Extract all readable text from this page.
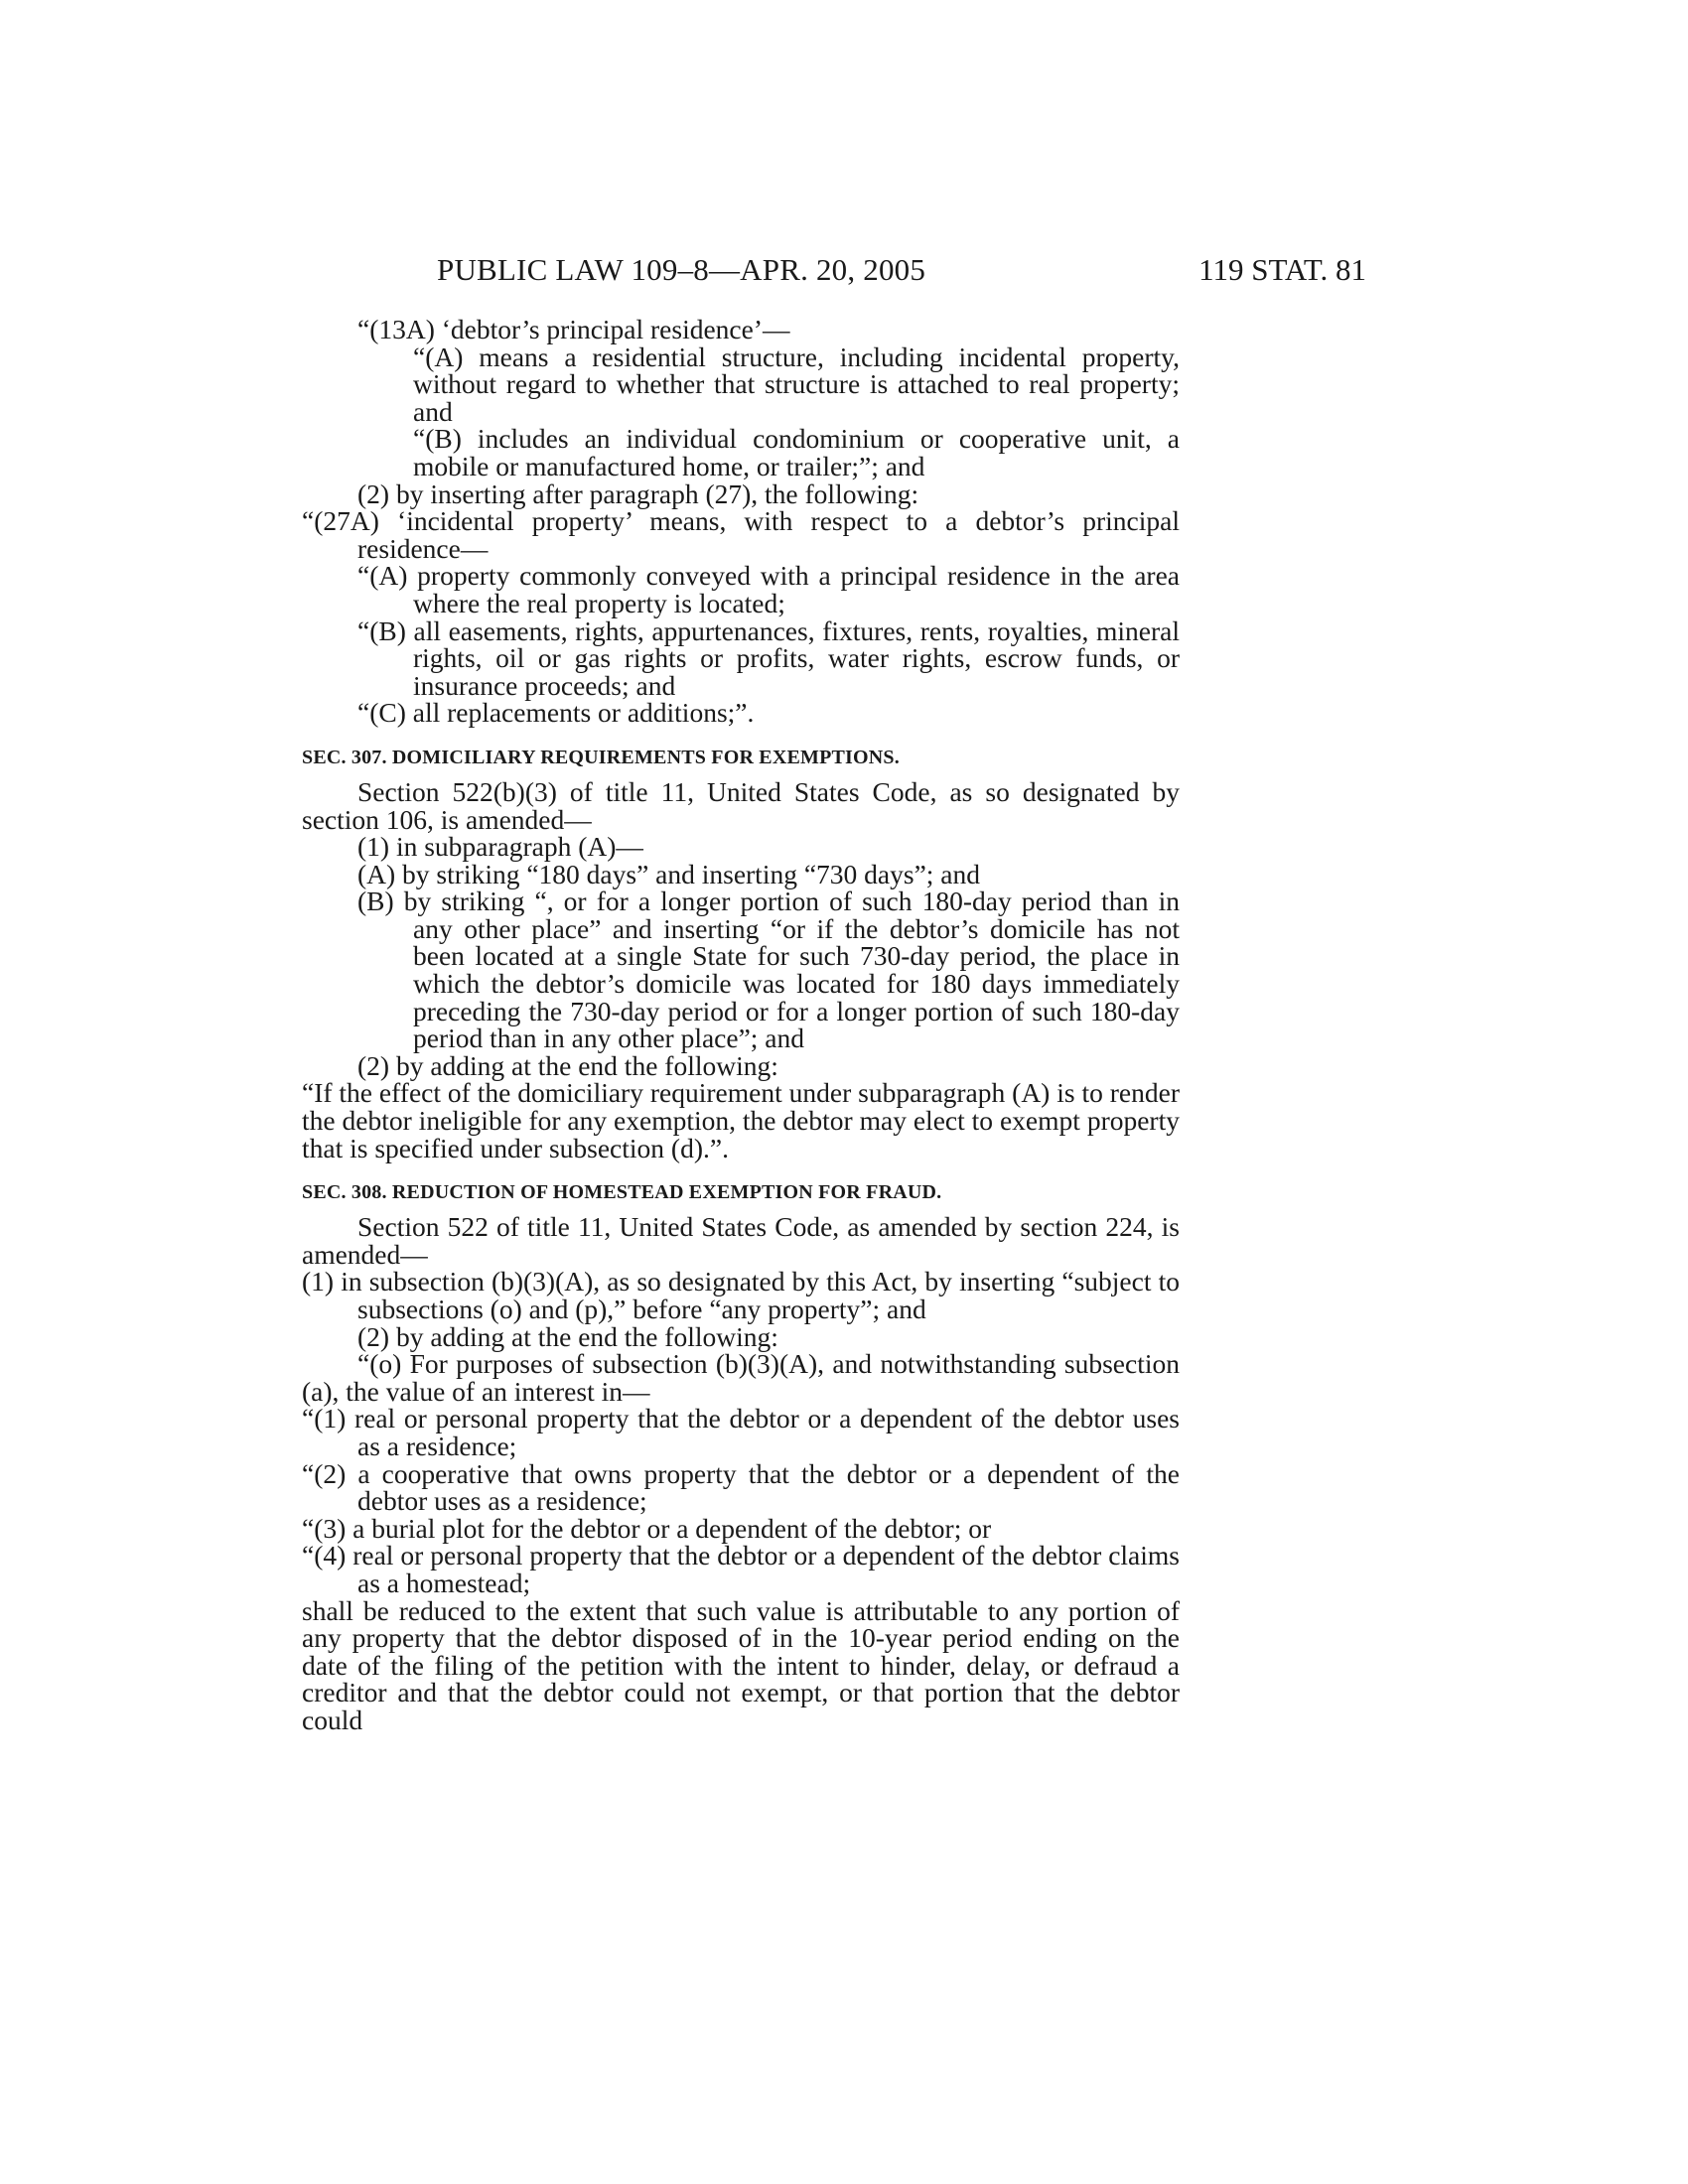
PUBLIC LAW 109–8—APR. 20, 2005	119 STAT. 81

“(13A) ‘debtor’s principal residence’—

“(A) means a residential structure, including incidental property, without regard to whether that structure is attached to real property; and

“(B) includes an individual condominium or cooperative unit, a mobile or manufactured home, or trailer;”; and

(2) by inserting after paragraph (27), the following:

“(27A) ‘incidental property’ means, with respect to a debtor’s principal residence—

“(A) property commonly conveyed with a principal residence in the area where the real property is located;

“(B) all easements, rights, appurtenances, fixtures, rents, royalties, mineral rights, oil or gas rights or profits, water rights, escrow funds, or insurance proceeds; and

“(C) all replacements or additions;”.

SEC. 307. DOMICILIARY REQUIREMENTS FOR EXEMPTIONS.

Section 522(b)(3) of title 11, United States Code, as so designated by section 106, is amended—

(1) in subparagraph (A)—

(A) by striking “180 days” and inserting “730 days”; and

(B) by striking “, or for a longer portion of such 180-day period than in any other place” and inserting “or if the debtor’s domicile has not been located at a single State for such 730-day period, the place in which the debtor’s domicile was located for 180 days immediately preceding the 730-day period or for a longer portion of such 180-day period than in any other place”; and

(2) by adding at the end the following:

“If the effect of the domiciliary requirement under subparagraph (A) is to render the debtor ineligible for any exemption, the debtor may elect to exempt property that is specified under subsection (d).”.

SEC. 308. REDUCTION OF HOMESTEAD EXEMPTION FOR FRAUD.

Section 522 of title 11, United States Code, as amended by section 224, is amended—

(1) in subsection (b)(3)(A), as so designated by this Act, by inserting “subject to subsections (o) and (p),” before “any property”; and

(2) by adding at the end the following:

“(o) For purposes of subsection (b)(3)(A), and notwithstanding subsection (a), the value of an interest in—

“(1) real or personal property that the debtor or a dependent of the debtor uses as a residence;

“(2) a cooperative that owns property that the debtor or a dependent of the debtor uses as a residence;

“(3) a burial plot for the debtor or a dependent of the debtor; or

“(4) real or personal property that the debtor or a dependent of the debtor claims as a homestead;

shall be reduced to the extent that such value is attributable to any portion of any property that the debtor disposed of in the 10-year period ending on the date of the filing of the petition with the intent to hinder, delay, or defraud a creditor and that the debtor could not exempt, or that portion that the debtor could
